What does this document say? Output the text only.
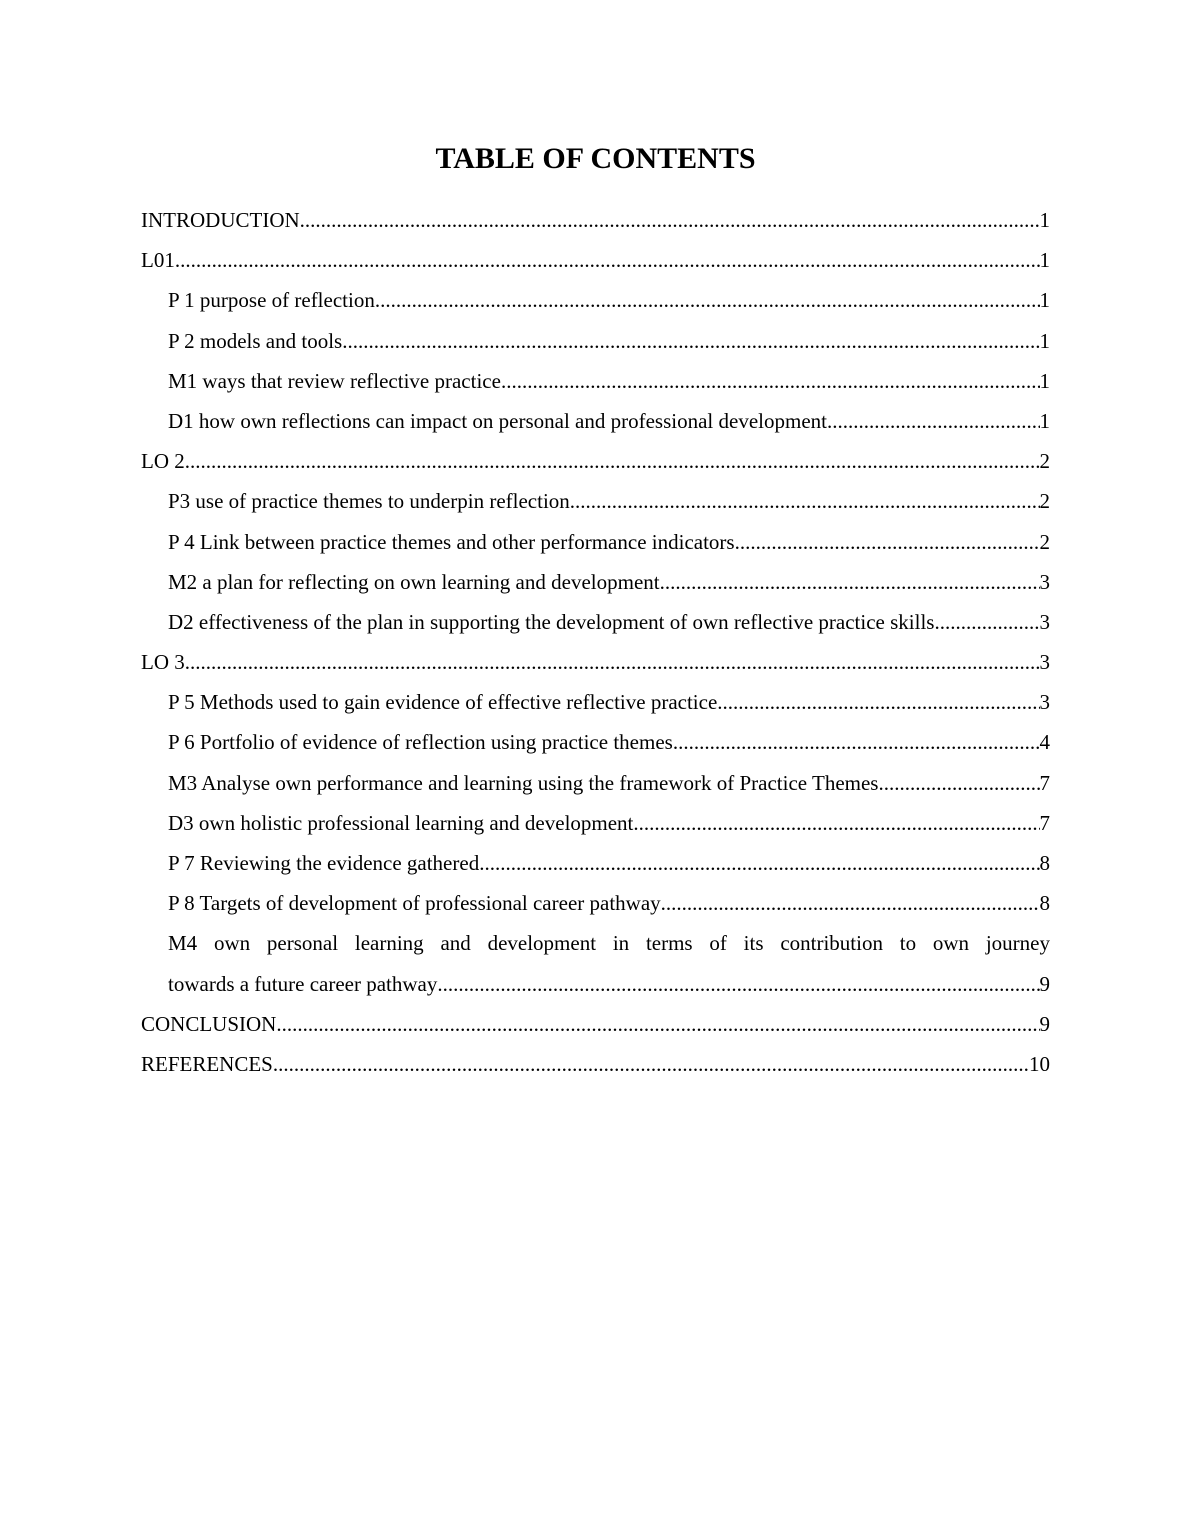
TABLE OF CONTENTS
INTRODUCTION .....	1
L01 .....	1
P 1 purpose of reflection .....	1
P 2 models and tools .....	1
M1 ways that review reflective practice .....	1
D1 how own reflections can impact on personal and professional development .....	1
LO 2 .....	2
P3 use of practice themes to underpin reflection .....	2
P 4 Link between practice themes and other performance indicators .....	2
M2 a plan for reflecting on own learning and development .....	3
D2 effectiveness of the plan in supporting the development of own reflective practice skills .....	3
LO 3 .....	3
P 5 Methods used to gain evidence of effective reflective practice .....	3
P 6 Portfolio of evidence of reflection using practice themes .....	4
M3 Analyse own performance and learning using the framework of Practice Themes .....	7
D3 own holistic professional learning and development .....	7
P 7 Reviewing the evidence gathered .....	8
P 8 Targets of development of professional career pathway .....	8
M4 own personal learning and development in terms of its contribution to own journey
towards a future career pathway .....	9
CONCLUSION .....	9
REFERENCES .....	10
